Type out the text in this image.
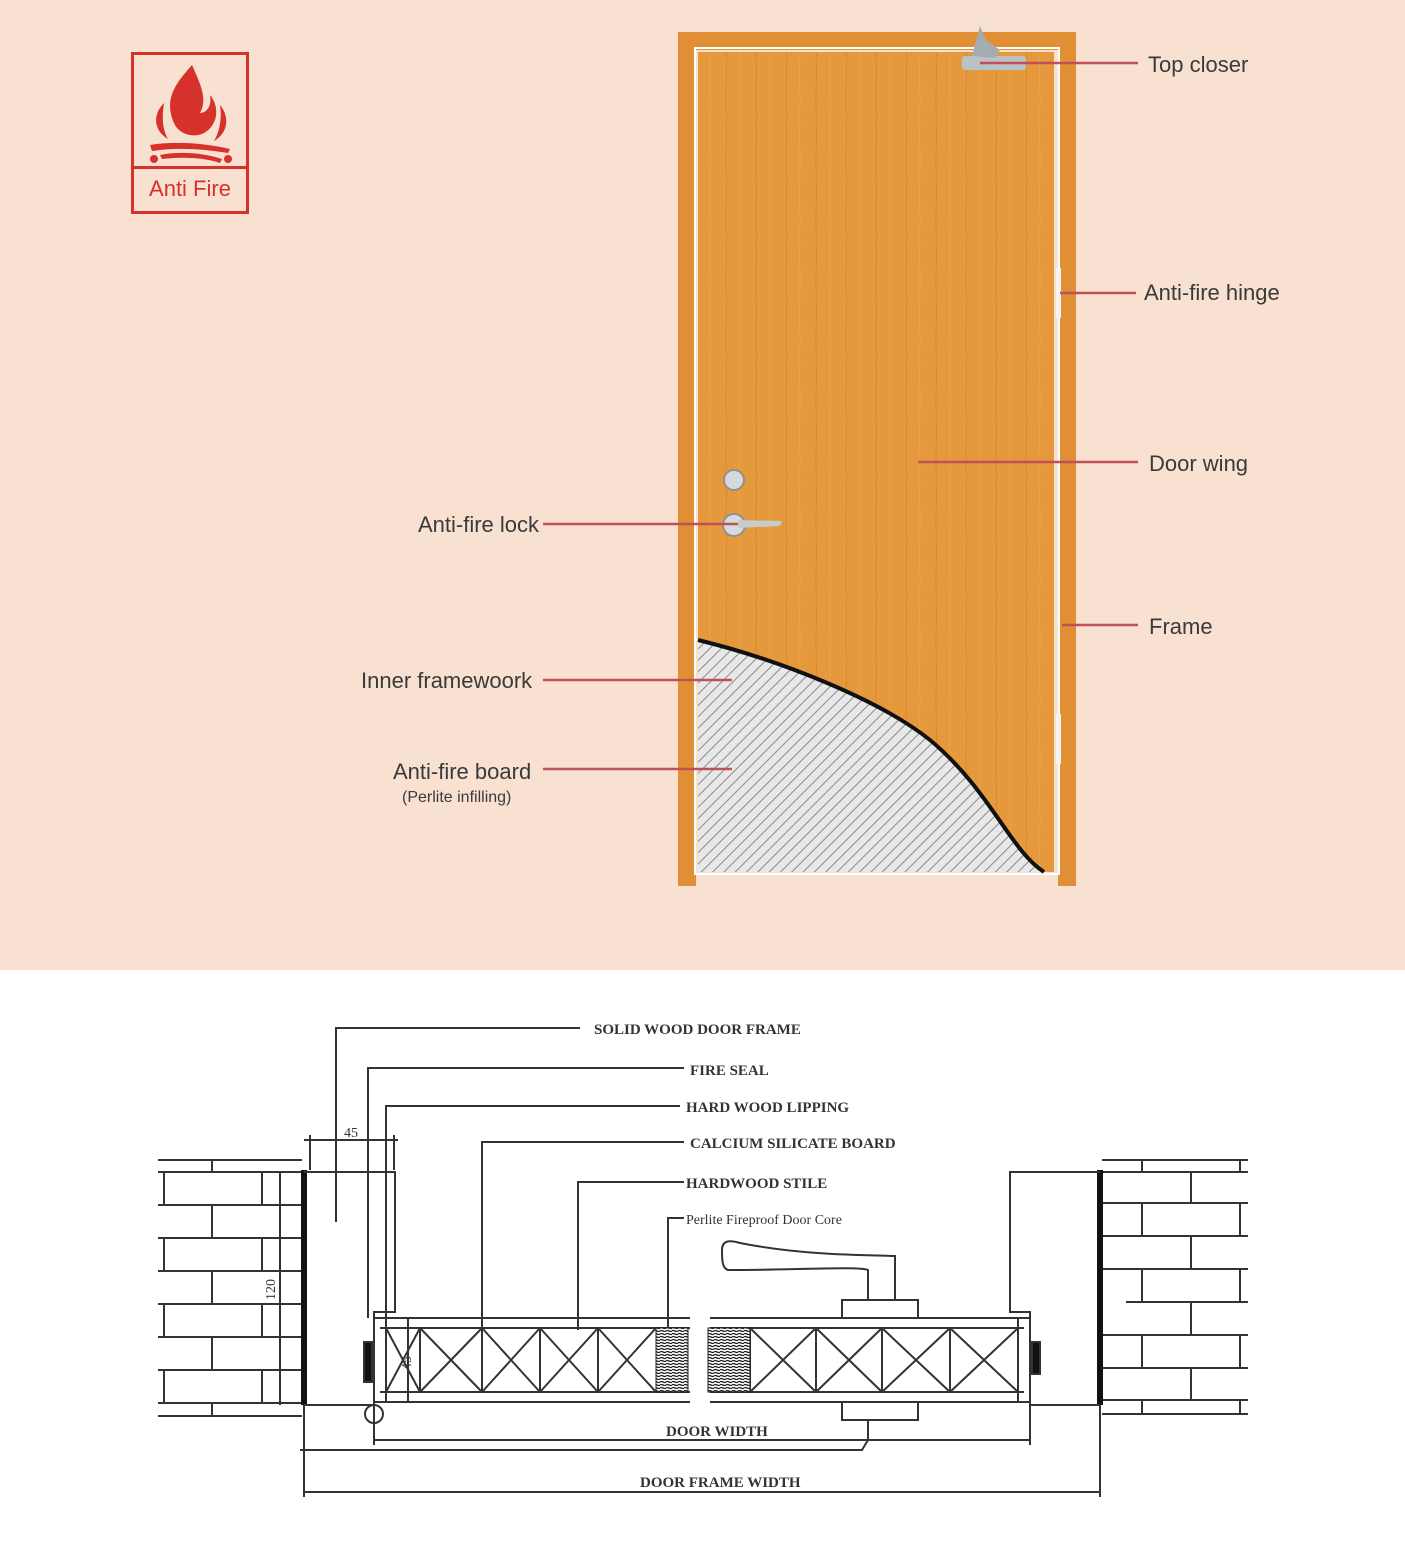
Anti Fire
Top closer
Anti-fire hinge
Door wing
Anti-fire lock
Frame
Inner framewoork
Anti-fire board
(Perlite infilling)
SOLID WOOD DOOR FRAME
FIRE SEAL
HARD WOOD LIPPING
CALCIUM SILICATE BOARD
HARDWOOD STILE
Perlite Fireproof Door Core
45
120
45
DOOR WIDTH
DOOR FRAME WIDTH
